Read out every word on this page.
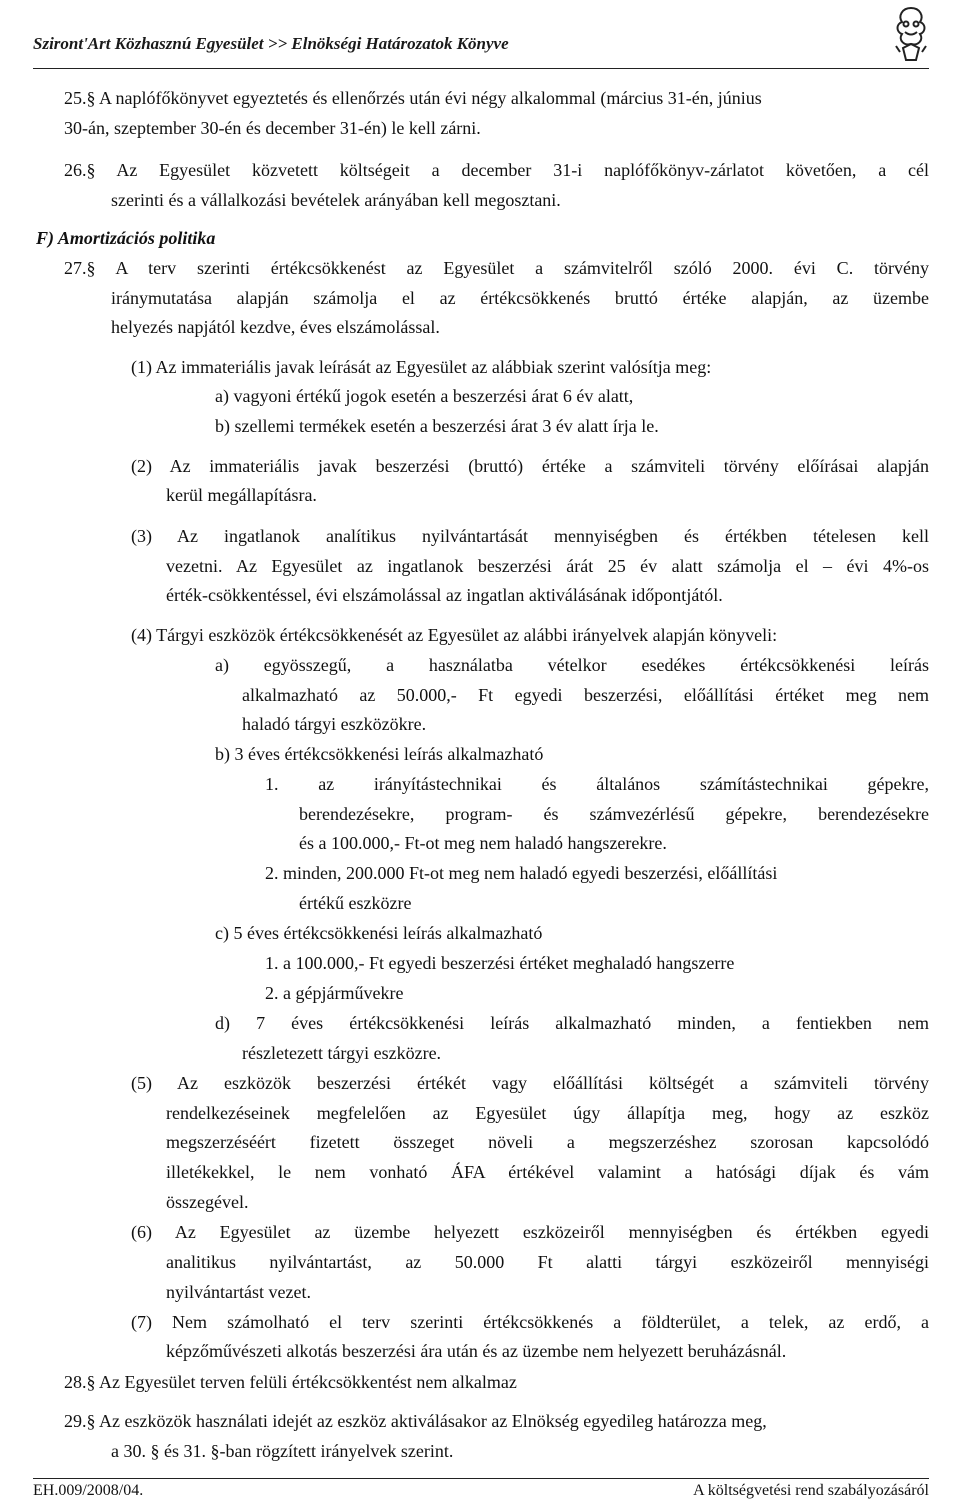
Sziront'Art Közhasznú Egyesület >> Elnökségi Határozatok Könyve
25.§ A naplófőkönyvet egyeztetés és ellenőrzés után évi négy alkalommal (március 31-én, június
30-án, szeptember 30-én és december 31-én) le kell zárni.
26.§ Az Egyesület közvetett költségeit a december 31-i naplófőkönyv-zárlatot követően, a cél
szerinti és a vállalkozási bevételek arányában kell megosztani.
F) Amortizációs politika
27.§ A terv szerinti értékcsökkenést az Egyesület a számvitelről szóló 2000. évi C. törvény
iránymutatása alapján számolja el az értékcsökkenés bruttó értéke alapján, az üzembe
helyezés napjától kezdve, éves elszámolással.
(1) Az immateriális javak leírását az Egyesület az alábbiak szerint valósítja meg:
a) vagyoni értékű jogok esetén a beszerzési árat 6 év alatt,
b) szellemi termékek esetén a beszerzési árat 3 év alatt írja le.
(2) Az immateriális javak beszerzési (bruttó) értéke a számviteli törvény előírásai alapján
kerül megállapításra.
(3) Az ingatlanok analítikus nyilvántartását mennyiségben és értékben tételesen kell
vezetni. Az Egyesület az ingatlanok beszerzési árát 25 év alatt számolja el – évi 4%-os
érték-csökkentéssel, évi elszámolással az ingatlan aktiválásának időpontjától.
(4) Tárgyi eszközök értékcsökkenését az Egyesület az alábbi irányelvek alapján könyveli:
a) egyösszegű, a használatba vételkor esedékes értékcsökkenési leírás
alkalmazható az 50.000,- Ft egyedi beszerzési, előállítási értéket meg nem
haladó tárgyi eszközökre.
b) 3 éves értékcsökkenési leírás alkalmazható
1. az irányítástechnikai és általános számítástechnikai gépekre,
berendezésekre, program- és számvezérlésű gépekre, berendezésekre
és a 100.000,- Ft-ot meg nem haladó hangszerekre.
2. minden, 200.000 Ft-ot meg nem haladó egyedi beszerzési, előállítási
értékű eszközre
c) 5 éves értékcsökkenési leírás alkalmazható
1. a 100.000,- Ft egyedi beszerzési értéket meghaladó hangszerre
2. a gépjárművekre
d) 7 éves értékcsökkenési leírás alkalmazható minden, a fentiekben nem
részletezett tárgyi eszközre.
(5) Az eszközök beszerzési értékét vagy előállítási költségét a számviteli törvény
rendelkezéseinek megfelelően az Egyesület úgy állapítja meg, hogy az eszköz
megszerzéséért fizetett összeget növeli a megszerzéshez szorosan kapcsolódó
illetékekkel, le nem vonható ÁFA értékével valamint a hatósági díjak és vám
összegével.
(6) Az Egyesület az üzembe helyezett eszközeiről mennyiségben és értékben egyedi
analitikus nyilvántartást, az 50.000 Ft alatti tárgyi eszközeiről mennyiségi
nyilvántartást vezet.
(7) Nem számolható el terv szerinti értékcsökkenés a földterület, a telek, az erdő, a
képzőművészeti alkotás beszerzési ára után és az üzembe nem helyezett beruházásnál.
28.§ Az Egyesület terven felüli értékcsökkentést nem alkalmaz
29.§ Az eszközök használati idejét az eszköz aktiválásakor az Elnökség egyedileg határozza meg,
a 30. § és 31. §-ban rögzített irányelvek szerint.
EH.009/2008/04.	A költségvetési rend szabályozásáról
